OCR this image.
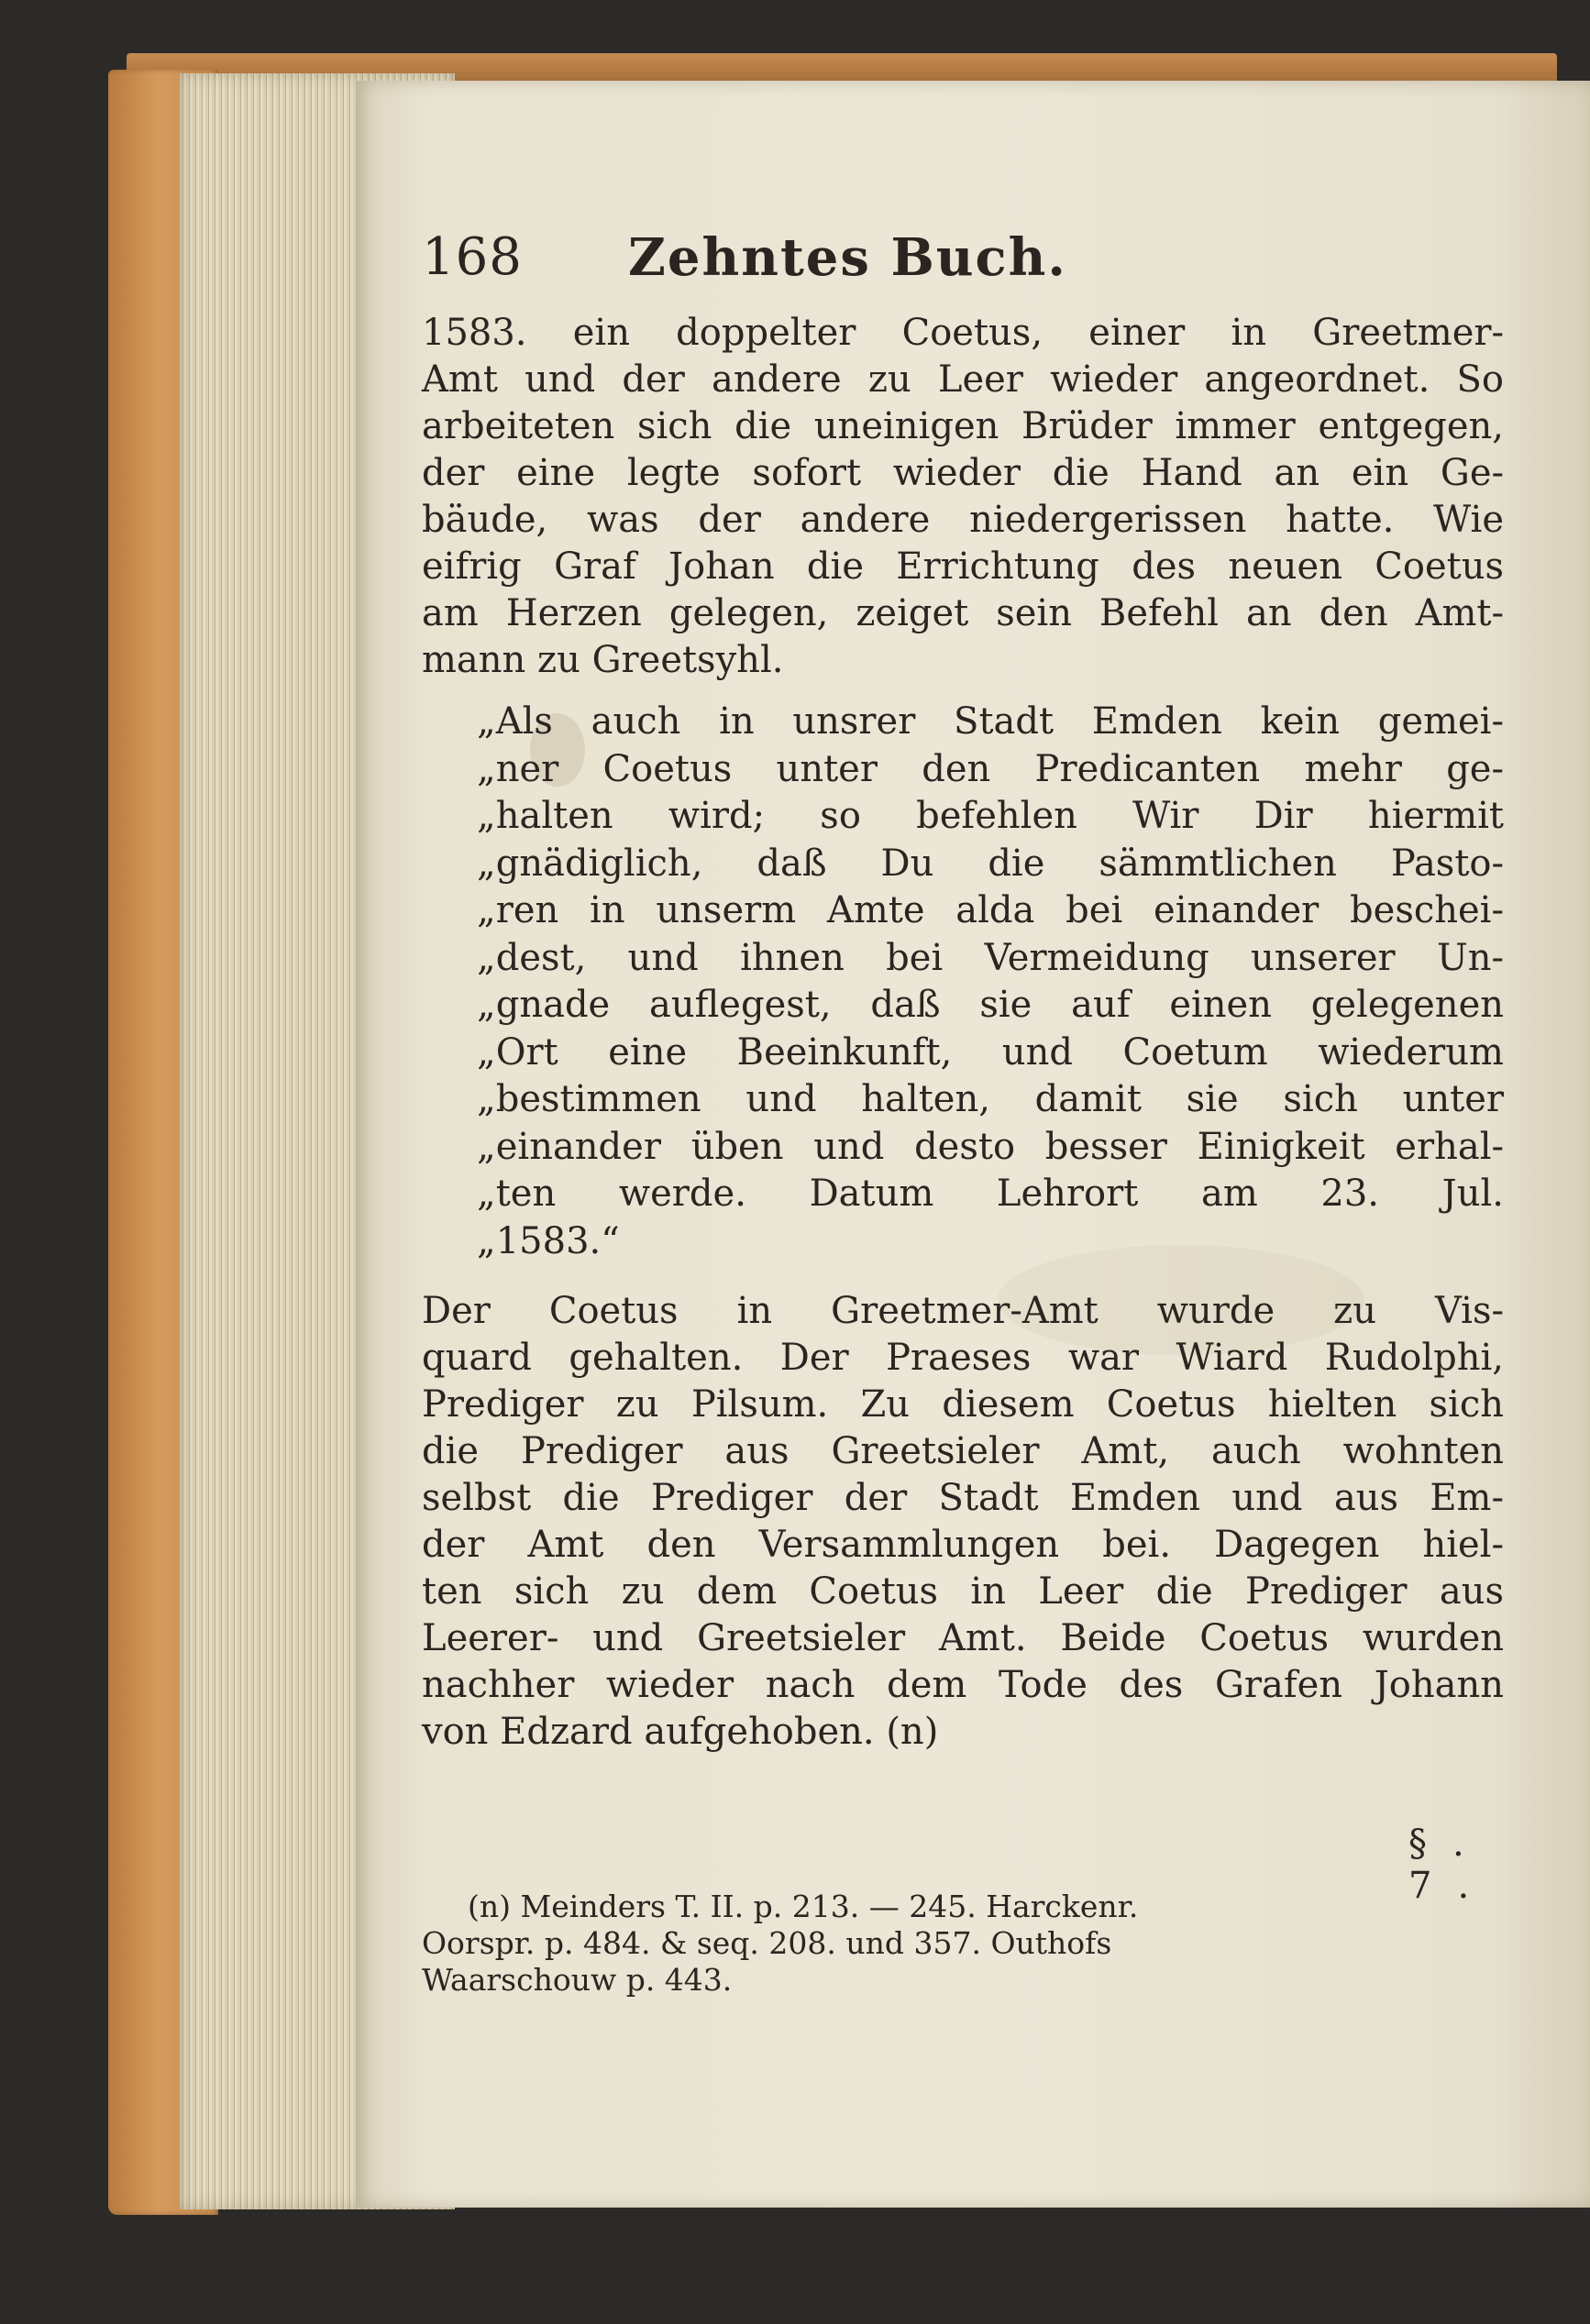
168 Zehntes Buch.

1583. ein doppelter Coetus, einer in Greetmer-
Amt und der andere zu Leer wieder angeordnet. So
arbeiteten sich die uneinigen Brüder immer entgegen,
der eine legte sofort wieder die Hand an ein Ge-
bäude, was der andere niedergerissen hatte. Wie
eifrig Graf Johan die Errichtung des neuen Coetus
am Herzen gelegen, zeiget sein Befehl an den Amt-
mann zu Greetsyhl.

„Als auch in unsrer Stadt Emden kein gemei-
„ner Coetus unter den Predicanten mehr ge-
„halten wird; so befehlen Wir Dir hiermit
„gnädiglich, daß Du die sämmtlichen Pasto-
„ren in unserm Amte alda bei einander beschei-
„dest, und ihnen bei Vermeidung unserer Un-
„gnade auflegest, daß sie auf einen gelegenen
„Ort eine Beeinkunft, und Coetum wiederum
„bestimmen und halten, damit sie sich unter
„einander üben und desto besser Einigkeit erhal-
„ten werde. Datum Lehrort am 23. Jul.
„1583.“

Der Coetus in Greetmer-Amt wurde zu Vis-
quard gehalten. Der Praeses war Wiard Rudolphi,
Prediger zu Pilsum. Zu diesem Coetus hielten sich
die Prediger aus Greetsieler Amt, auch wohnten
selbst die Prediger der Stadt Emden und aus Em-
der Amt den Versammlungen bei. Dagegen hiel-
ten sich zu dem Coetus in Leer die Prediger aus
Leerer- und Greetsieler Amt. Beide Coetus wurden
nachher wieder nach dem Tode des Grafen Johann
von Edzard aufgehoben. (n)

§. 7.
(n) Meinders T. II. p. 213. — 245. Harckenr.
Oorspr. p. 484. & seq. 208. und 357. Outhofs
Waarschouw p. 443.
